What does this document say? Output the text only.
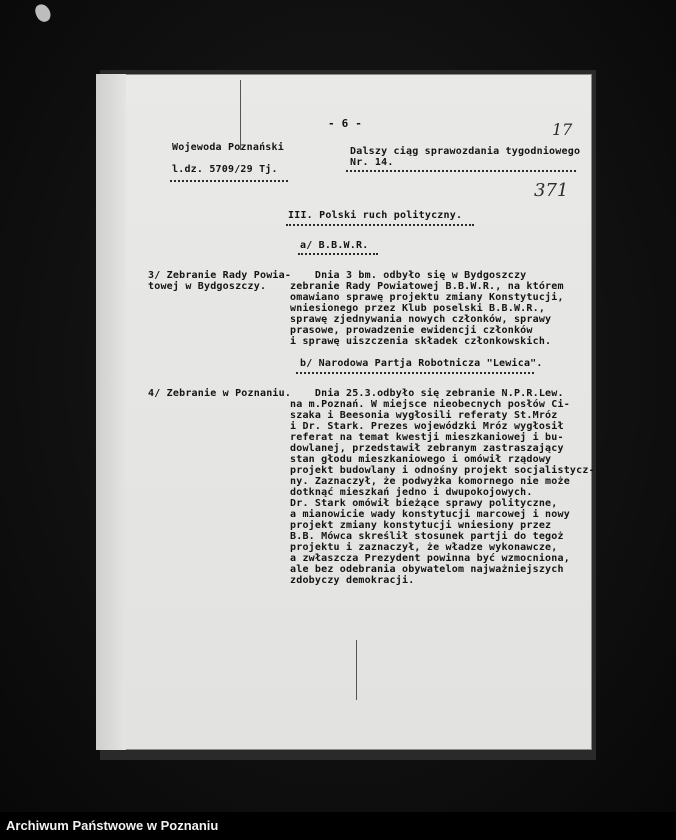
- 6 -	17
371
Wojewoda Poznański
l.dz. 5709/29 Tj.
Dalszy ciąg sprawozdania tygodniowego
Nr. 14.
III. Polski ruch polityczny.
a/ B.B.W.R.
3/ Zebranie Rady Powia-
towej w Bydgoszczy.
Dnia 3 bm. odbyło się w Bydgoszczy
zebranie Rady Powiatowej B.B.W.R., na którem
omawiano sprawę projektu zmiany Konstytucji,
wniesionego przez Klub poselski B.B.W.R.,
sprawę zjednywania nowych członków, sprawy
prasowe, prowadzenie ewidencji członków
i sprawę uiszczenia składek członkowskich.
b/ Narodowa Partja Robotnicza "Lewica".
4/ Zebranie w Poznaniu.
Dnia 25.3.odbyło się zebranie N.P.R.Lew.
na m.Poznań. W miejsce nieobecnych posłów Ci-
szaka i Beesonia wygłosili referaty St.Mróz
i Dr. Stark. Prezes wojewódzki Mróz wygłosił
referat na temat kwestji mieszkaniowej i bu-
dowlanej, przedstawił zebranym zastraszający
stan głodu mieszkaniowego i omówił rządowy
projekt budowlany i odnośny projekt socjalistycz-
ny. Zaznaczył, że podwyżka komornego nie może
dotknąć mieszkań jedno i dwupokojowych.
Dr. Stark omówił bieżące sprawy polityczne,
a mianowicie wady konstytucji marcowej i nowy
projekt zmiany konstytucji wniesiony przez
B.B. Mówca skreślił stosunek partji do tegoż
projektu i zaznaczył, że władze wykonawcze,
a zwłaszcza Prezydent powinna być wzmocniona,
ale bez odebrania obywatelom najważniejszych
zdobyczy demokracji.
Archiwum Państwowe w Poznaniu
